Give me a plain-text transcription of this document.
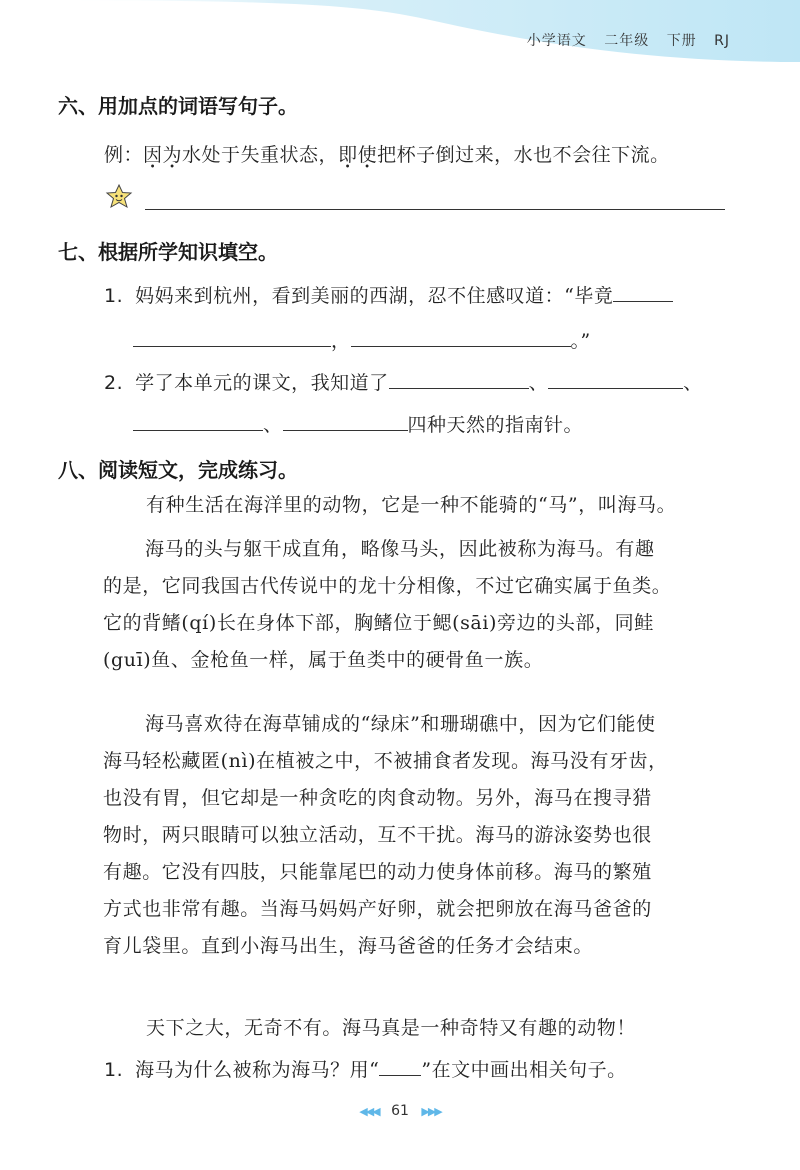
小学语文 二年级 下册 RJ
六、用加点的词语写句子。
例：因为水处于失重状态，即使把杯子倒过来，水也不会往下流。
七、根据所学知识填空。
1. 妈妈来到杭州，看到美丽的西湖，忍不住感叹道：“毕竟
，	。”
2. 学了本单元的课文，我知道了	、	、
、	四种天然的指南针。
八、阅读短文，完成练习。
有种生活在海洋里的动物，它是一种不能骑的“马”，叫海马。
海马的头与躯干成直角，略像马头，因此被称为海马。有趣
的是，它同我国古代传说中的龙十分相像，不过它确实属于鱼类。
它的背鳍(qí)长在身体下部，胸鳍位于鳃(sāi)旁边的头部，同鲑
(guī)鱼、金枪鱼一样，属于鱼类中的硬骨鱼一族。
海马喜欢待在海草铺成的“绿床”和珊瑚礁中，因为它们能使
海马轻松藏匿(nì)在植被之中，不被捕食者发现。海马没有牙齿，
也没有胃，但它却是一种贪吃的肉食动物。另外，海马在搜寻猎
物时，两只眼睛可以独立活动，互不干扰。海马的游泳姿势也很
有趣。它没有四肢，只能靠尾巴的动力使身体前移。海马的繁殖
方式也非常有趣。当海马妈妈产好卵，就会把卵放在海马爸爸的
育儿袋里。直到小海马出生，海马爸爸的任务才会结束。
天下之大，无奇不有。海马真是一种奇特又有趣的动物！
1. 海马为什么被称为海马？用“ ”在文中画出相关句子。
◀◀◀ 61 ▶▶▶
